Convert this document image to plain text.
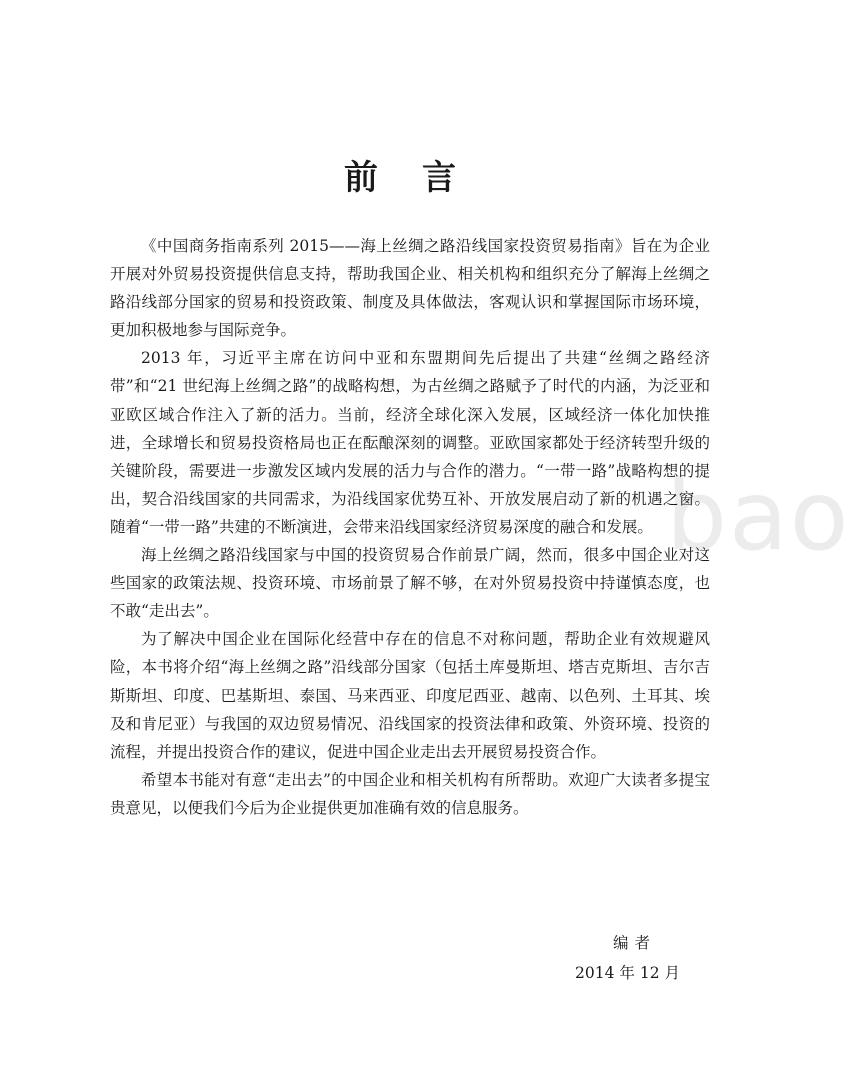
bao
前言

《中国商务指南系列 2015——海上丝绸之路沿线国家投资贸易指南》旨在为企业开展对外贸易投资提供信息支持，帮助我国企业、相关机构和组织充分了解海上丝绸之路沿线部分国家的贸易和投资政策、制度及具体做法，客观认识和掌握国际市场环境，更加积极地参与国际竞争。

2013 年，习近平主席在访问中亚和东盟期间先后提出了共建“丝绸之路经济带”和“21 世纪海上丝绸之路”的战略构想，为古丝绸之路赋予了时代的内涵，为泛亚和亚欧区域合作注入了新的活力。当前，经济全球化深入发展，区域经济一体化加快推进，全球增长和贸易投资格局也正在酝酿深刻的调整。亚欧国家都处于经济转型升级的关键阶段，需要进一步激发区域内发展的活力与合作的潜力。“一带一路”战略构想的提出，契合沿线国家的共同需求，为沿线国家优势互补、开放发展启动了新的机遇之窗。随着“一带一路”共建的不断演进，会带来沿线国家经济贸易深度的融合和发展。

海上丝绸之路沿线国家与中国的投资贸易合作前景广阔，然而，很多中国企业对这些国家的政策法规、投资环境、市场前景了解不够，在对外贸易投资中持谨慎态度，也不敢“走出去”。

为了解决中国企业在国际化经营中存在的信息不对称问题，帮助企业有效规避风险，本书将介绍“海上丝绸之路”沿线部分国家（包括土库曼斯坦、塔吉克斯坦、吉尔吉斯斯坦、印度、巴基斯坦、泰国、马来西亚、印度尼西亚、越南、以色列、土耳其、埃及和肯尼亚）与我国的双边贸易情况、沿线国家的投资法律和政策、外资环境、投资的流程，并提出投资合作的建议，促进中国企业走出去开展贸易投资合作。

希望本书能对有意“走出去”的中国企业和相关机构有所帮助。欢迎广大读者多提宝贵意见，以便我们今后为企业提供更加准确有效的信息服务。

编者
2014 年 12 月
